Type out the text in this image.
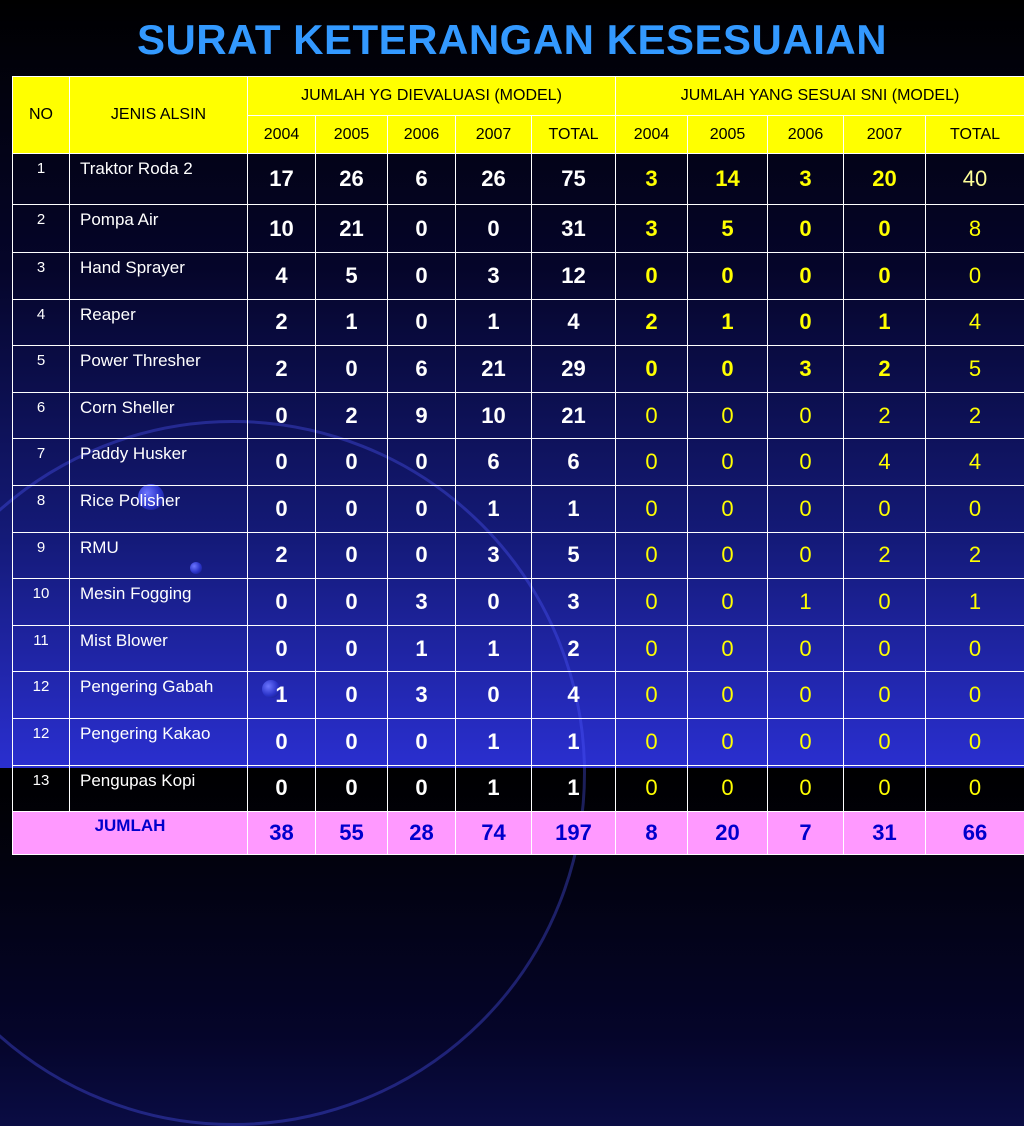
SURAT KETERANGAN KESESUAIAN
NO	JENIS ALSIN	JUMLAH YG DIEVALUASI (MODEL)					JUMLAH YANG SESUAI SNI (MODEL)				
		2004	2005	2006	2007	TOTAL	2004	2005	2006	2007	TOTAL
1	Traktor Roda 2	17	26	6	26	75	3	14	3	20	40
2	Pompa Air	10	21	0	0	31	3	5	0	0	8
3	Hand Sprayer	4	5	0	3	12	0	0	0	0	0
4	Reaper	2	1	0	1	4	2	1	0	1	4
5	Power Thresher	2	0	6	21	29	0	0	3	2	5
6	Corn Sheller	0	2	9	10	21	0	0	0	2	2
7	Paddy Husker	0	0	0	6	6	0	0	0	4	4
8	Rice Polisher	0	0	0	1	1	0	0	0	0	0
9	RMU	2	0	0	3	5	0	0	0	2	2
10	Mesin Fogging	0	0	3	0	3	0	0	1	0	1
11	Mist Blower	0	0	1	1	2	0	0	0	0	0
12	Pengering Gabah	1	0	3	0	4	0	0	0	0	0
12	Pengering Kakao	0	0	0	1	1	0	0	0	0	0
13	Pengupas Kopi	0	0	0	1	1	0	0	0	0	0
JUMLAH		38	55	28	74	197	8	20	7	31	66
